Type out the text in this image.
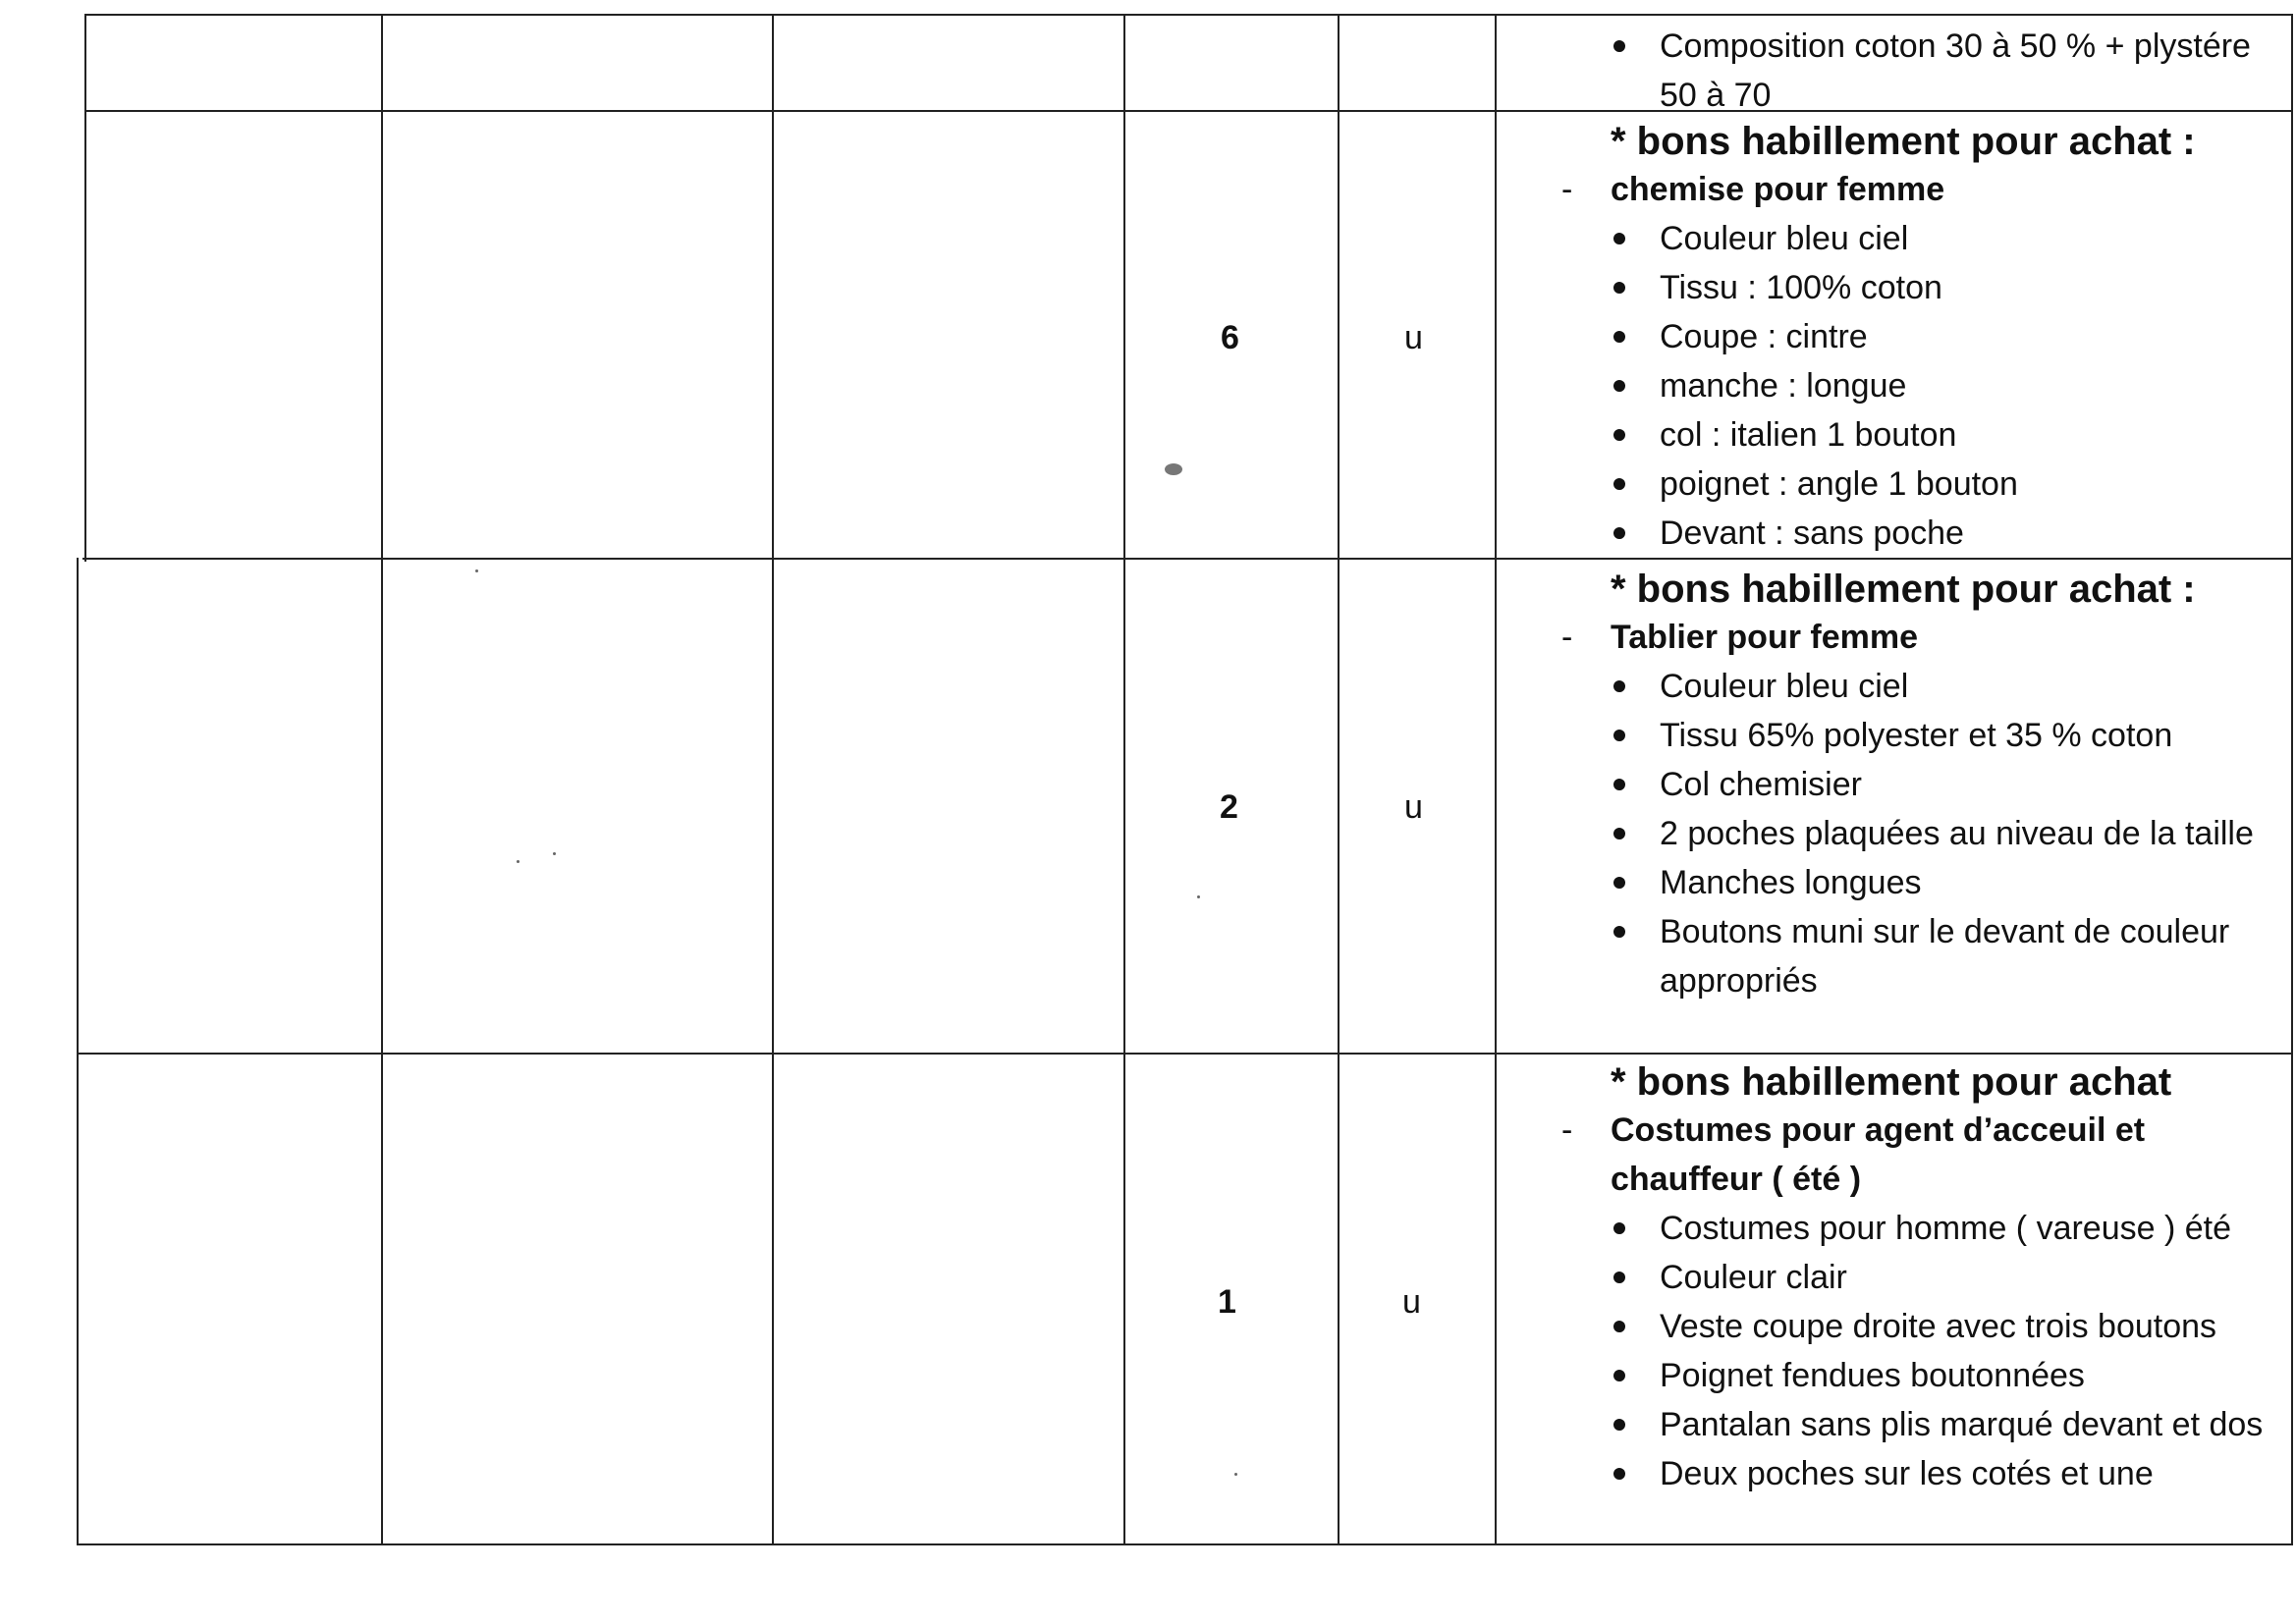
Composition coton 30 à 50 % + plystére 50 à 70
6	u
* bons habillement pour achat :
- chemise pour femme
Couleur bleu ciel
Tissu : 100% coton
Coupe : cintre
manche : longue
col : italien 1 bouton
poignet : angle 1 bouton
Devant : sans poche
2	u
* bons habillement pour achat :
- Tablier pour femme
Couleur bleu ciel
Tissu 65% polyester et 35 % coton
Col chemisier
2 poches plaquées au niveau de la taille
Manches longues
Boutons muni sur le devant de couleur appropriés
1	u
* bons habillement pour achat
- Costumes pour agent d’acceuil et chauffeur ( été )
Costumes pour homme ( vareuse ) été
Couleur clair
Veste coupe droite avec trois boutons
Poignet fendues boutonnées
Pantalan sans plis marqué devant et dos
Deux poches sur les cotés et une
